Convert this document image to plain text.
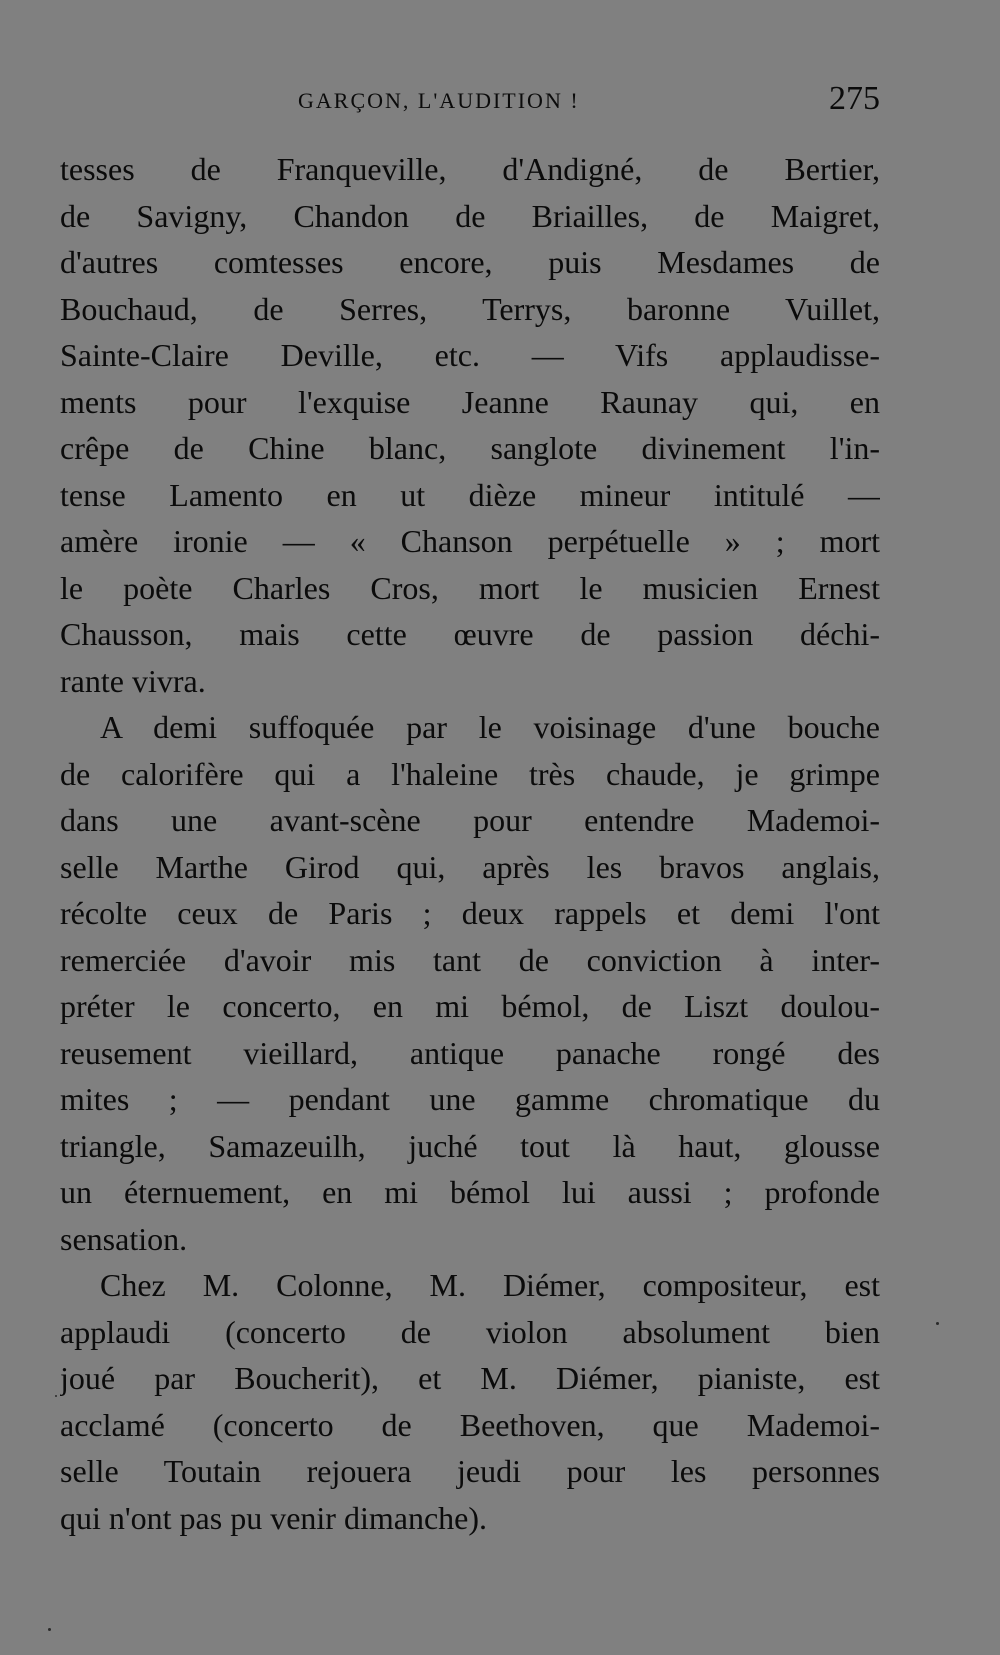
GARÇON, L'AUDITION !	275
tesses de Franqueville, d'Andigné, de Bertier,
de Savigny, Chandon de Briailles, de Maigret,
d'autres comtesses encore, puis Mesdames de
Bouchaud, de Serres, Terrys, baronne Vuillet,
Sainte-Claire Deville, etc. — Vifs applaudisse-
ments pour l'exquise Jeanne Raunay qui, en
crêpe de Chine blanc, sanglote divinement l'in-
tense Lamento en ut dièze mineur intitulé —
amère ironie — « Chanson perpétuelle » ; mort
le poète Charles Cros, mort le musicien Ernest
Chausson, mais cette œuvre de passion déchi-
rante vivra.
A demi suffoquée par le voisinage d'une bouche
de calorifère qui a l'haleine très chaude, je grimpe
dans une avant-scène pour entendre Mademoi-
selle Marthe Girod qui, après les bravos anglais,
récolte ceux de Paris ; deux rappels et demi l'ont
remerciée d'avoir mis tant de conviction à inter-
préter le concerto, en mi bémol, de Liszt doulou-
reusement vieillard, antique panache rongé des
mites ; — pendant une gamme chromatique du
triangle, Samazeuilh, juché tout là haut, glousse
un éternuement, en mi bémol lui aussi ; profonde
sensation.
Chez M. Colonne, M. Diémer, compositeur, est
applaudi (concerto de violon absolument bien
joué par Boucherit), et M. Diémer, pianiste, est
acclamé (concerto de Beethoven, que Mademoi-
selle Toutain rejouera jeudi pour les personnes
qui n'ont pas pu venir dimanche).
